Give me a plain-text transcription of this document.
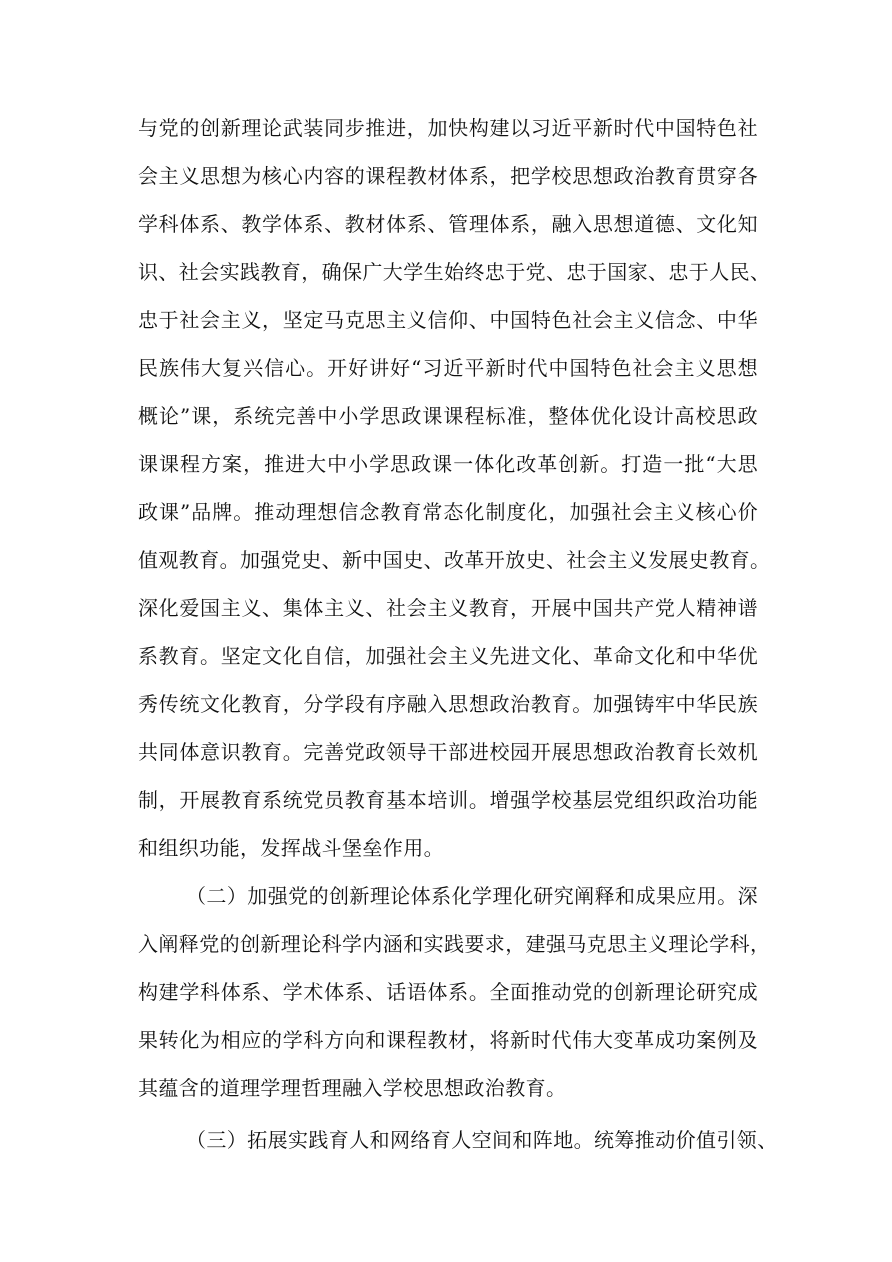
与党的创新理论武装同步推进，加快构建以习近平新时代中国特色社
会主义思想为核心内容的课程教材体系，把学校思想政治教育贯穿各
学科体系、教学体系、教材体系、管理体系，融入思想道德、文化知
识、社会实践教育，确保广大学生始终忠于党、忠于国家、忠于人民、
忠于社会主义，坚定马克思主义信仰、中国特色社会主义信念、中华
民族伟大复兴信心。开好讲好“习近平新时代中国特色社会主义思想
概论”课，系统完善中小学思政课课程标准，整体优化设计高校思政
课课程方案，推进大中小学思政课一体化改革创新。打造一批“大思
政课”品牌。推动理想信念教育常态化制度化，加强社会主义核心价
值观教育。加强党史、新中国史、改革开放史、社会主义发展史教育。
深化爱国主义、集体主义、社会主义教育，开展中国共产党人精神谱
系教育。坚定文化自信，加强社会主义先进文化、革命文化和中华优
秀传统文化教育，分学段有序融入思想政治教育。加强铸牢中华民族
共同体意识教育。完善党政领导干部进校园开展思想政治教育长效机
制，开展教育系统党员教育基本培训。增强学校基层党组织政治功能
和组织功能，发挥战斗堡垒作用。
（二）加强党的创新理论体系化学理化研究阐释和成果应用。深
入阐释党的创新理论科学内涵和实践要求，建强马克思主义理论学科，
构建学科体系、学术体系、话语体系。全面推动党的创新理论研究成
果转化为相应的学科方向和课程教材，将新时代伟大变革成功案例及
其蕴含的道理学理哲理融入学校思想政治教育。
（三）拓展实践育人和网络育人空间和阵地。统筹推动价值引领、
